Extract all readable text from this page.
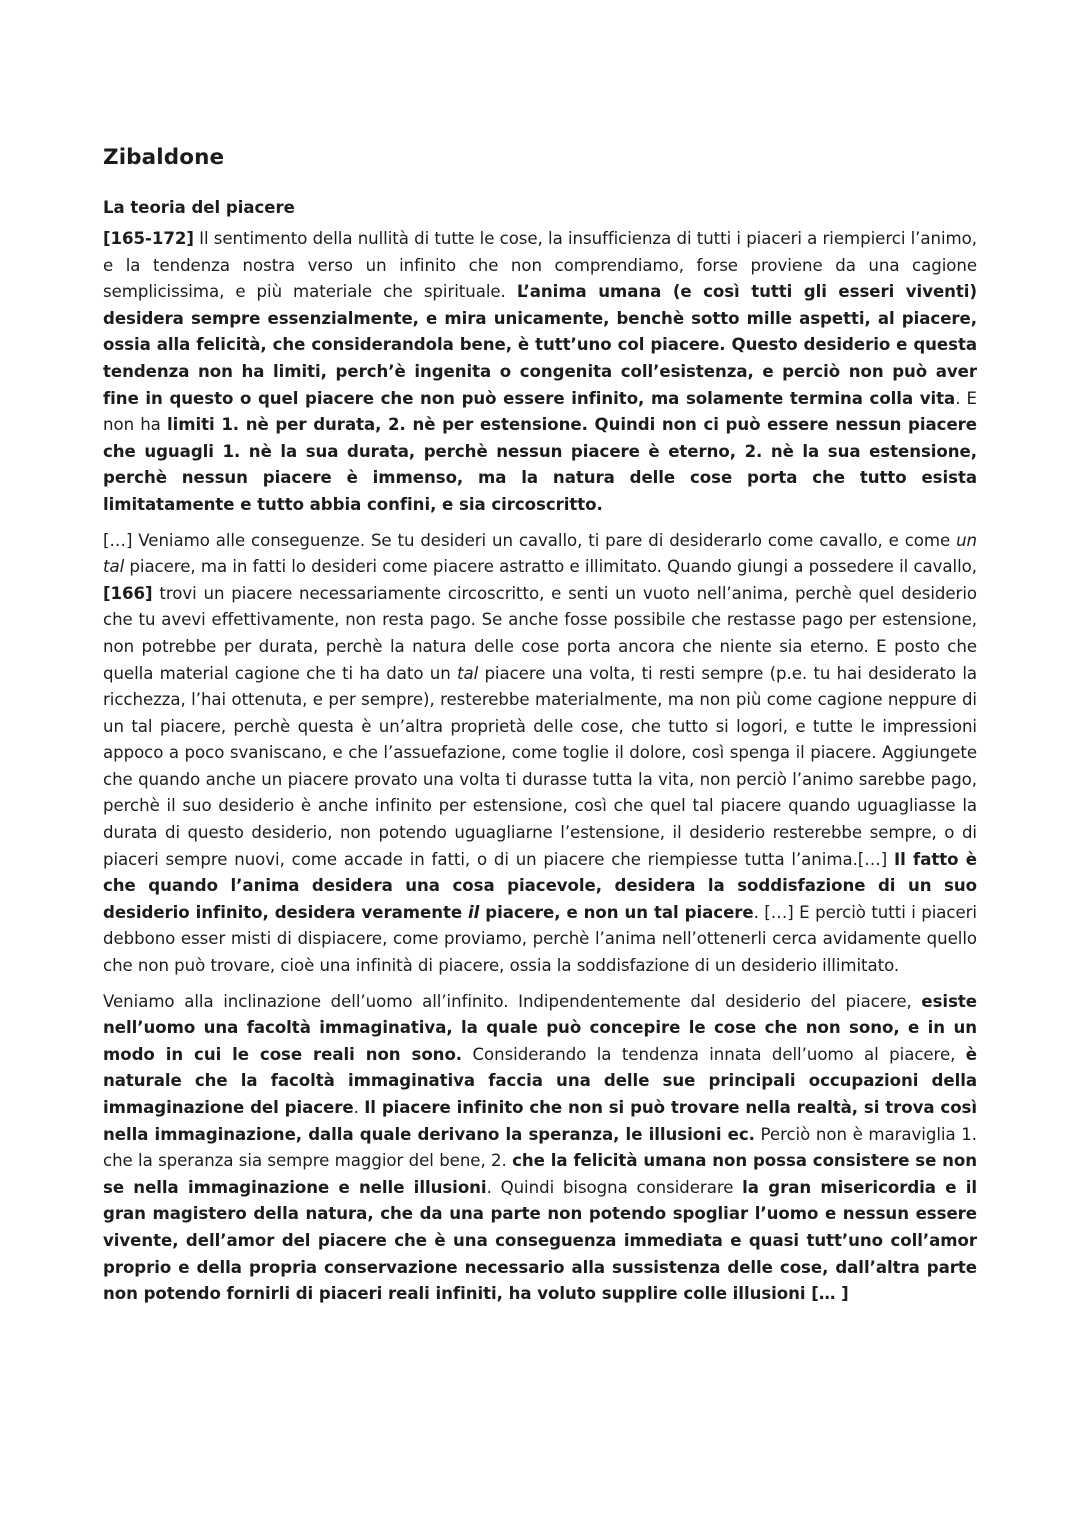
Zibaldone
La teoria del piacere

[165-172] Il sentimento della nullità di tutte le cose, la insufficienza di tutti i piaceri a riempierci l’animo, e la tendenza nostra verso un infinito che non comprendiamo, forse proviene da una cagione semplicissima, e più materiale che spirituale. L’anima umana (e così tutti gli esseri viventi) desidera sempre essenzialmente, e mira unicamente, benchè sotto mille aspetti, al piacere, ossia alla felicità, che considerandola bene, è tutt’uno col piacere. Questo desiderio e questa tendenza non ha limiti, perch’è ingenita o congenita coll’esistenza, e perciò non può aver fine in questo o quel piacere che non può essere infinito, ma solamente termina colla vita. E non ha limiti 1. nè per durata, 2. nè per estensione. Quindi non ci può essere nessun piacere che uguagli 1. nè la sua durata, perchè nessun piacere è eterno, 2. nè la sua estensione, perchè nessun piacere è immenso, ma la natura delle cose porta che tutto esista limitatamente e tutto abbia confini, e sia circoscritto.

[…] Veniamo alle conseguenze. Se tu desideri un cavallo, ti pare di desiderarlo come cavallo, e come un tal piacere, ma in fatti lo desideri come piacere astratto e illimitato. Quando giungi a possedere il cavallo, [166] trovi un piacere necessariamente circoscritto, e senti un vuoto nell’anima, perchè quel desiderio che tu avevi effettivamente, non resta pago. Se anche fosse possibile che restasse pago per estensione, non potrebbe per durata, perchè la natura delle cose porta ancora che niente sia eterno. E posto che quella material cagione che ti ha dato un tal piacere una volta, ti resti sempre (p.e. tu hai desiderato la ricchezza, l’hai ottenuta, e per sempre), resterebbe materialmente, ma non più come cagione neppure di un tal piacere, perchè questa è un’altra proprietà delle cose, che tutto si logori, e tutte le impressioni appoco a poco svaniscano, e che l’assuefazione, come toglie il dolore, così spenga il piacere. Aggiungete che quando anche un piacere provato una volta ti durasse tutta la vita, non perciò l’animo sarebbe pago, perchè il suo desiderio è anche infinito per estensione, così che quel tal piacere quando uguagliasse la durata di questo desiderio, non potendo uguagliarne l’estensione, il desiderio resterebbe sempre, o di piaceri sempre nuovi, come accade in fatti, o di un piacere che riempiesse tutta l’anima.[…] Il fatto è che quando l’anima desidera una cosa piacevole, desidera la soddisfazione di un suo desiderio infinito, desidera veramente il piacere, e non un tal piacere. […] E perciò tutti i piaceri debbono esser misti di dispiacere, come proviamo, perchè l’anima nell’ottenerli cerca avidamente quello che non può trovare, cioè una infinità di piacere, ossia la soddisfazione di un desiderio illimitato.

Veniamo alla inclinazione dell’uomo all’infinito. Indipendentemente dal desiderio del piacere, esiste nell’uomo una facoltà immaginativa, la quale può concepire le cose che non sono, e in un modo in cui le cose reali non sono. Considerando la tendenza innata dell’uomo al piacere, è naturale che la facoltà immaginativa faccia una delle sue principali occupazioni della immaginazione del piacere. Il piacere infinito che non si può trovare nella realtà, si trova così nella immaginazione, dalla quale derivano la speranza, le illusioni ec. Perciò non è maraviglia 1. che la speranza sia sempre maggior del bene, 2. che la felicità umana non possa consistere se non se nella immaginazione e nelle illusioni. Quindi bisogna considerare la gran misericordia e il gran magistero della natura, che da una parte non potendo spogliar l’uomo e nessun essere vivente, dell’amor del piacere che è una conseguenza immediata e quasi tutt’uno coll’amor proprio e della propria conservazione necessario alla sussistenza delle cose, dall’altra parte non potendo fornirli di piaceri reali infiniti, ha voluto supplire colle illusioni [… ]
